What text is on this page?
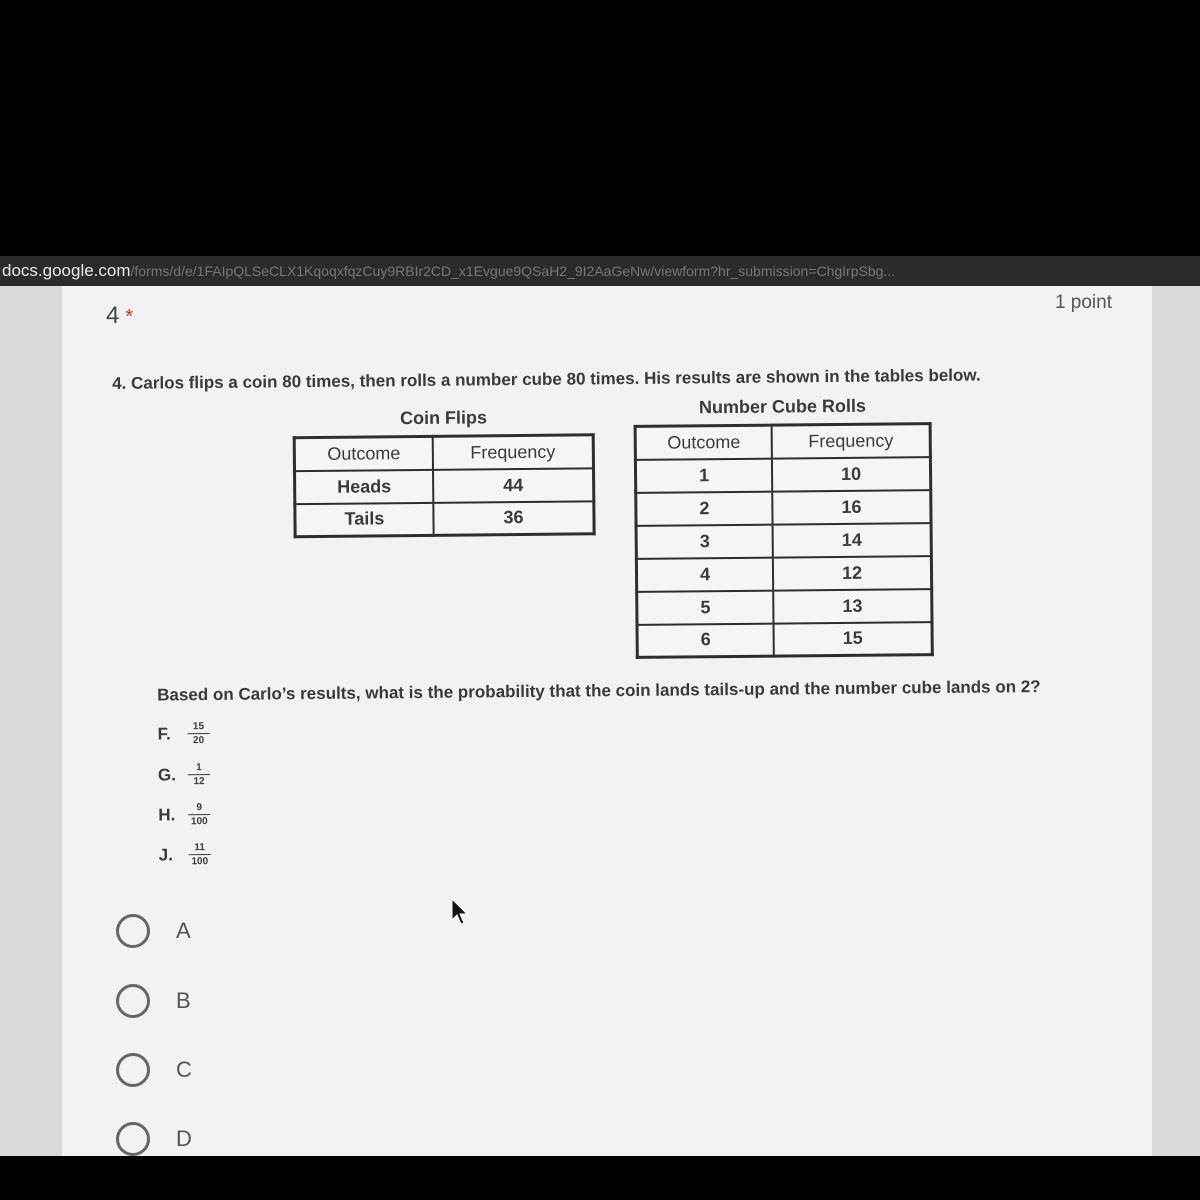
docs.google.com/forms/d/e/1FAIpQLSeCLX1KqoqxfqzCuy9RBIr2CD_x1Evgue9QSaH2_9I2AaGeNw/viewform?hr_submission=ChgIrpSbg...
4 *
1 point
4. Carlos flips a coin 80 times, then rolls a number cube 80 times. His results are shown in the tables below.
Coin Flips
Outcome	Frequency
Heads	44
Tails	36
Number Cube Rolls
Outcome	Frequency
1	10
2	16
3	14
4	12
5	13
6	15
Based on Carlo’s results, what is the probability that the coin lands tails-up and the number cube lands on 2?
F.	$\frac{15}{20}$
G.	$\frac{1}{12}$
H.	$\frac{9}{100}$
J.	$\frac{11}{100}$
A
B
C
D
